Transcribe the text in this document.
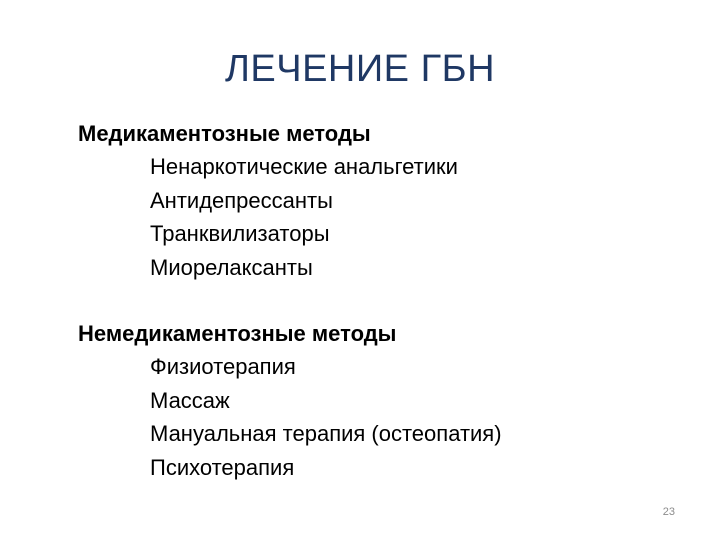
ЛЕЧЕНИЕ ГБН
Медикаментозные методы
Ненаркотические анальгетики
Антидепрессанты
Транквилизаторы
Миорелаксанты
Немедикаментозные методы
Физиотерапия
Массаж
Мануальная терапия (остеопатия)
Психотерапия
23
